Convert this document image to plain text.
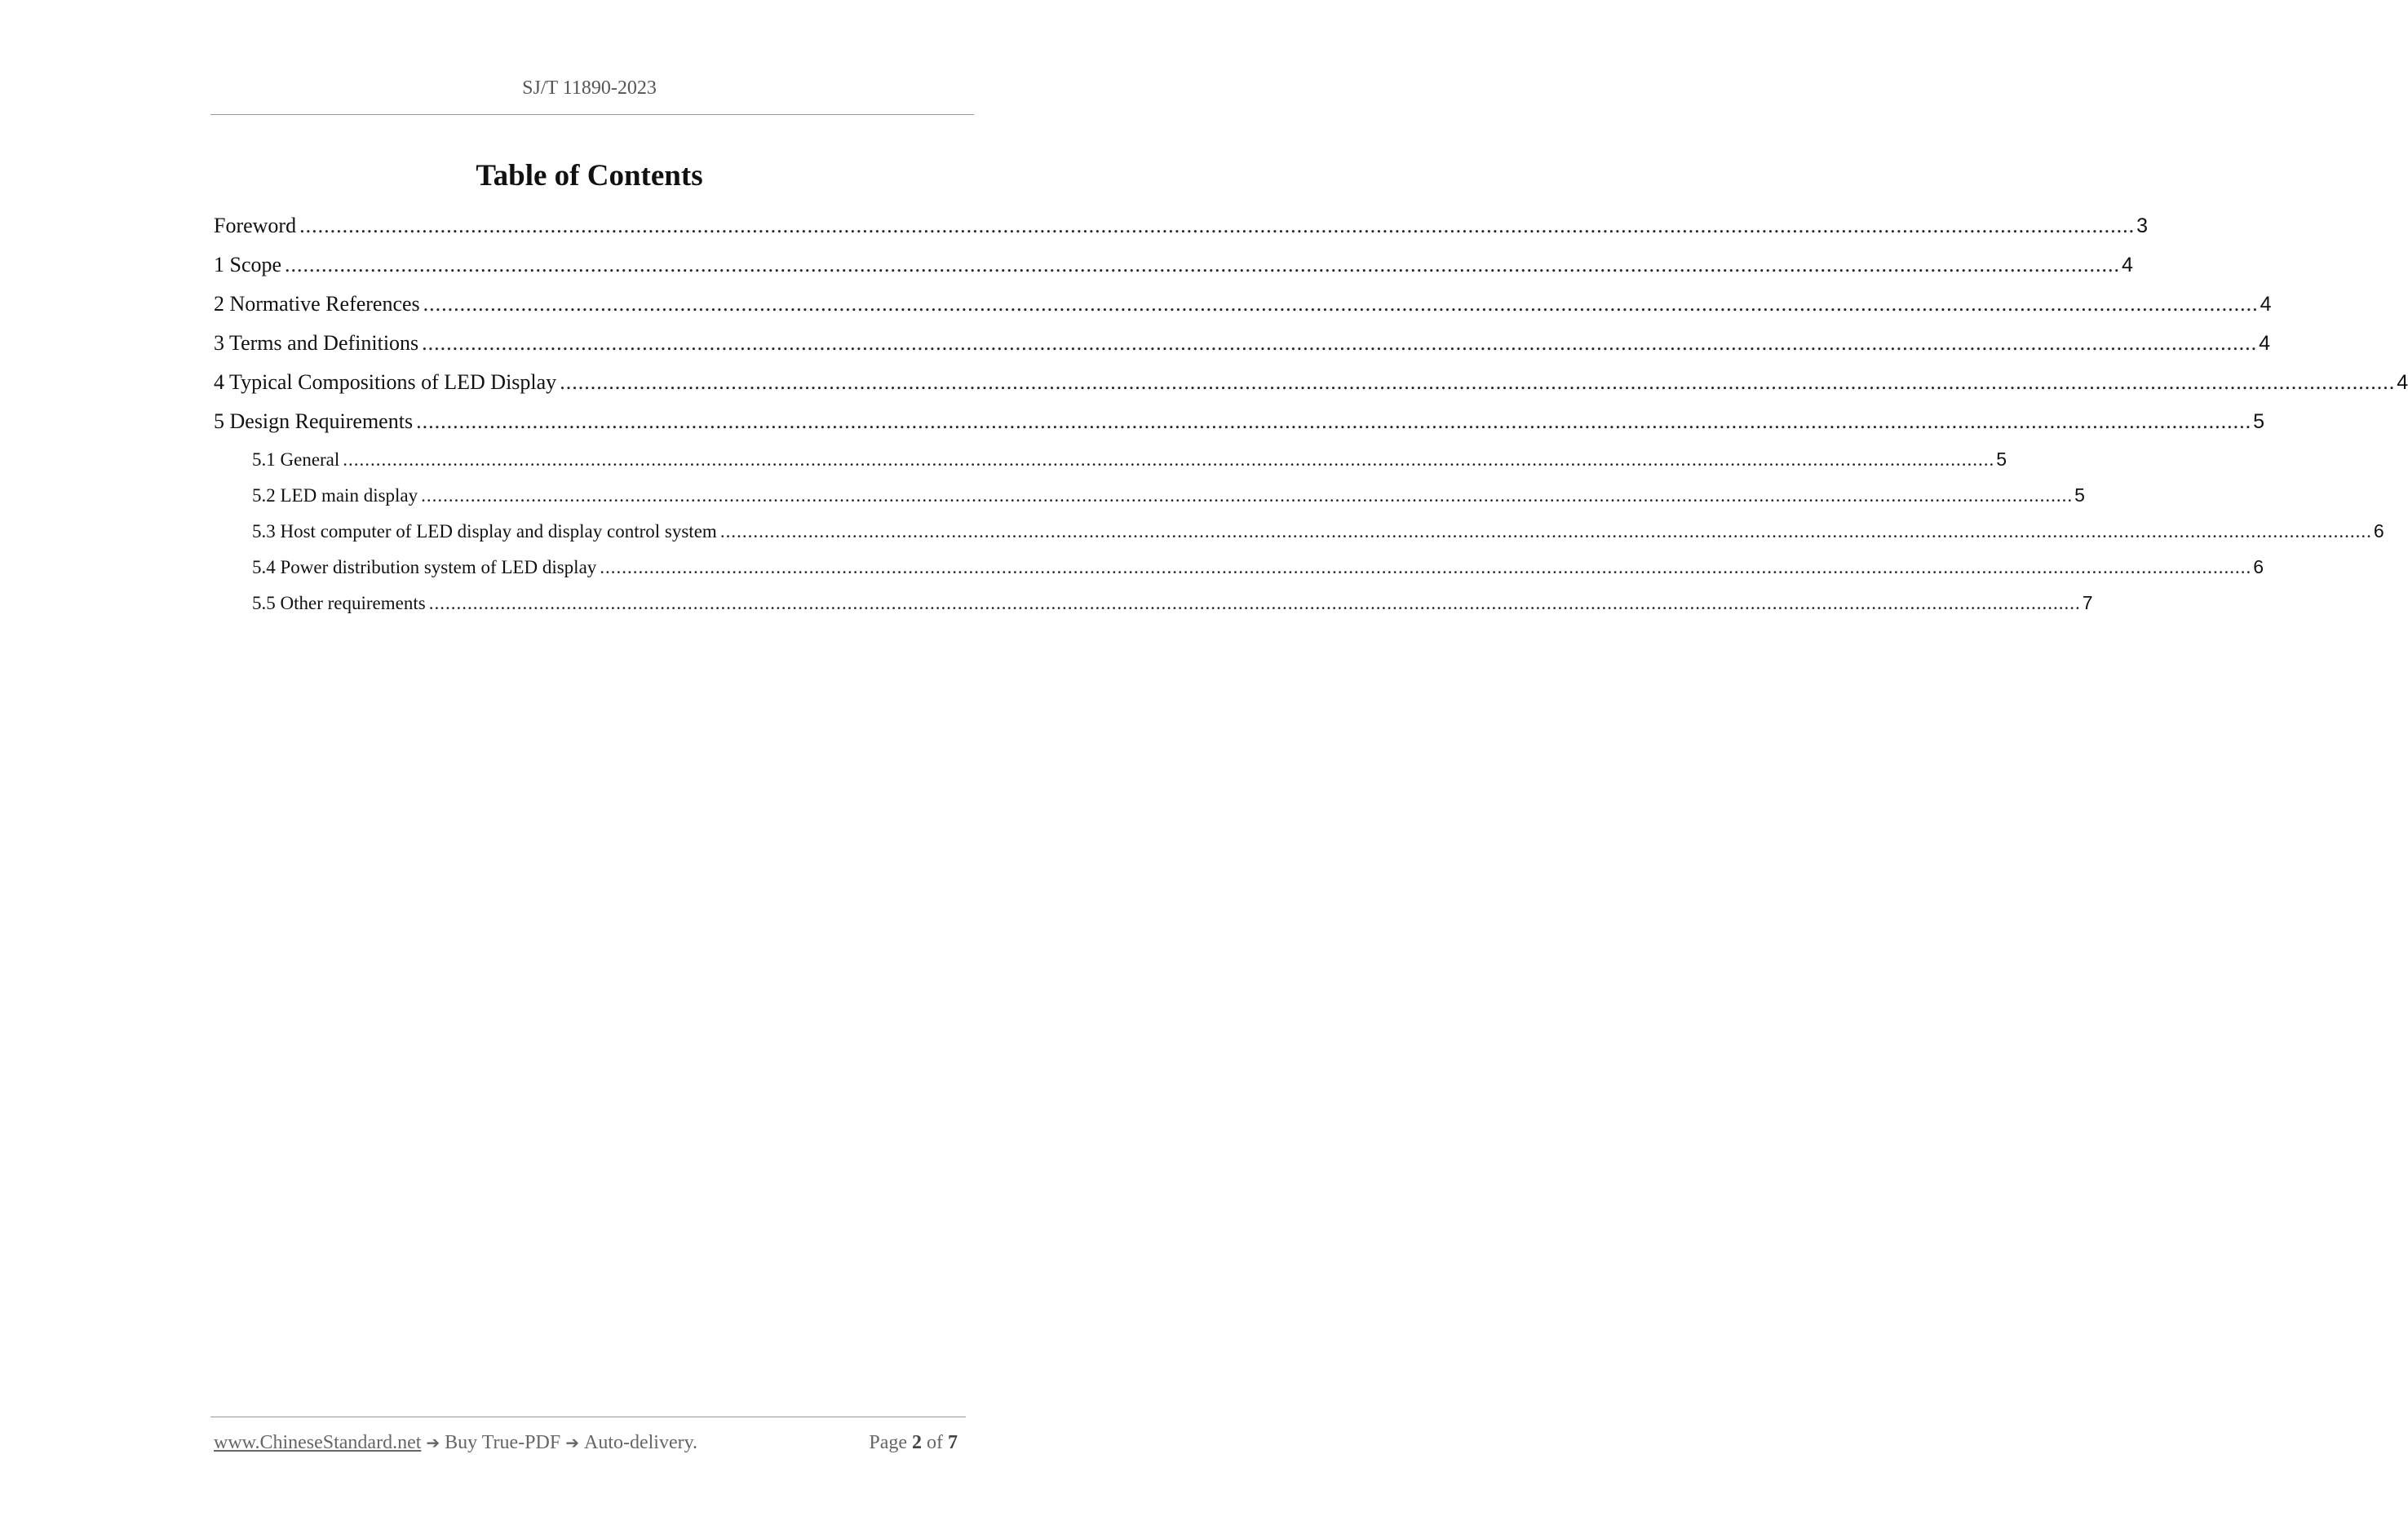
SJ/T 11890-2023
Table of Contents
Foreword ............................................................................................................................................................................................................................................................................................................ 3
1 Scope ............................................................................................................................................................................................................................................................................................................ 4
2 Normative References ............................................................................................................................................................................................................................................................................................................ 4
3 Terms and Definitions ............................................................................................................................................................................................................................................................................................................ 4
4 Typical Compositions of LED Display ............................................................................................................................................................................................................................................................................................................ 4
5 Design Requirements ............................................................................................................................................................................................................................................................................................................ 5
5.1 General ............................................................................................................................................................................................................................................................................................................ 5
5.2 LED main display ............................................................................................................................................................................................................................................................................................................ 5
5.3 Host computer of LED display and display control system ............................................................................................................................................................................................................................................................................................................ 6
5.4 Power distribution system of LED display ............................................................................................................................................................................................................................................................................................................ 6
5.5 Other requirements ............................................................................................................................................................................................................................................................................................................ 7
www.ChineseStandard.net ➔ Buy True-PDF ➔ Auto-delivery.	Page 2 of 7
